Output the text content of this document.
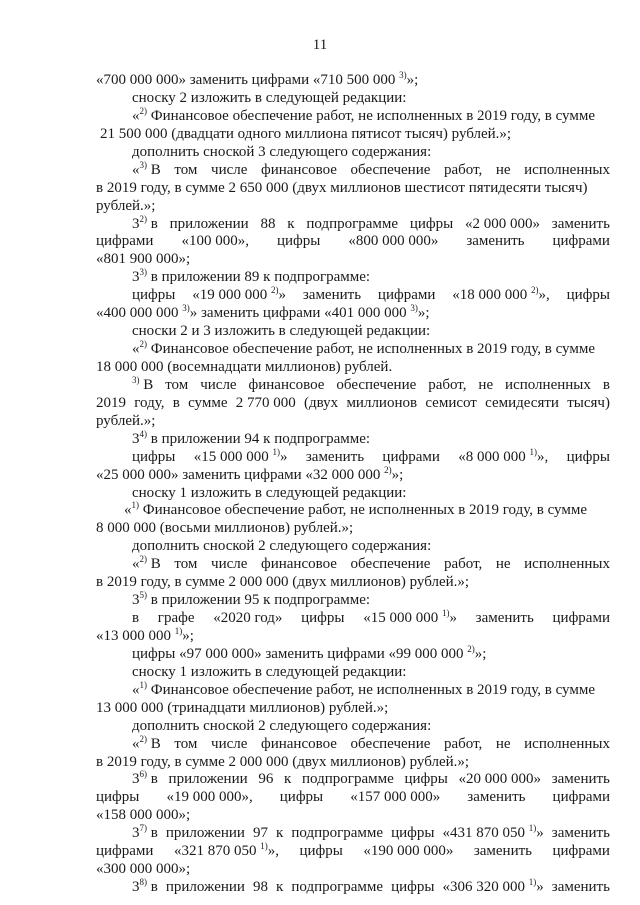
11
«700 000 000» заменить цифрами «710 500 000 $^{3)}$»;
сноску 2 изложить в следующей редакции:
«$^{2)}$ Финансовое обеспечение работ, не исполненных в 2019 году, в сумме
21 500 000 (двадцати одного миллиона пятисот тысяч) рублей.»;
дополнить сноской 3 следующего содержания:
«$^{3)}$ В том числе финансовое обеспечение работ, не исполненных
в 2019 году, в сумме 2 650 000 (двух миллионов шестисот пятидесяти тысяч)
рублей.»;
3$^{2)}$ в приложении 88 к подпрограмме цифры «2 000 000» заменить
цифрами «100 000», цифры «800 000 000» заменить цифрами
«801 900 000»;
3$^{3)}$ в приложении 89 к подпрограмме:
цифры «19 000 000 $^{2)}$» заменить цифрами «18 000 000 $^{2)}$», цифры
«400 000 000 $^{3)}$» заменить цифрами «401 000 000 $^{3)}$»;
сноски 2 и 3 изложить в следующей редакции:
«$^{2)}$ Финансовое обеспечение работ, не исполненных в 2019 году, в сумме
18 000 000 (восемнадцати миллионов) рублей.
$^{3)}$ В том числе финансовое обеспечение работ, не исполненных в
2019 году, в сумме 2 770 000 (двух миллионов семисот семидесяти тысяч)
рублей.»;
3$^{4)}$ в приложении 94 к подпрограмме:
цифры «15 000 000 $^{1)}$» заменить цифрами «8 000 000 $^{1)}$», цифры
«25 000 000» заменить цифрами «32 000 000 $^{2)}$»;
сноску 1 изложить в следующей редакции:
«$^{1)}$ Финансовое обеспечение работ, не исполненных в 2019 году, в сумме
8 000 000 (восьми миллионов) рублей.»;
дополнить сноской 2 следующего содержания:
«$^{2)}$ В том числе финансовое обеспечение работ, не исполненных
в 2019 году, в сумме 2 000 000 (двух миллионов) рублей.»;
3$^{5)}$ в приложении 95 к подпрограмме:
в графе «2020 год» цифры «15 000 000 $^{1)}$» заменить цифрами
«13 000 000 $^{1)}$»;
цифры «97 000 000» заменить цифрами «99 000 000 $^{2)}$»;
сноску 1 изложить в следующей редакции:
«$^{1)}$ Финансовое обеспечение работ, не исполненных в 2019 году, в сумме
13 000 000 (тринадцати миллионов) рублей.»;
дополнить сноской 2 следующего содержания:
«$^{2)}$ В том числе финансовое обеспечение работ, не исполненных
в 2019 году, в сумме 2 000 000 (двух миллионов) рублей.»;
3$^{6)}$ в приложении 96 к подпрограмме цифры «20 000 000» заменить
цифры «19 000 000», цифры «157 000 000» заменить цифрами
«158 000 000»;
3$^{7)}$ в приложении 97 к подпрограмме цифры «431 870 050 $^{1)}$» заменить
цифрами «321 870 050 $^{1)}$», цифры «190 000 000» заменить цифрами
«300 000 000»;
3$^{8)}$ в приложении 98 к подпрограмме цифры «306 320 000 $^{1)}$» заменить
